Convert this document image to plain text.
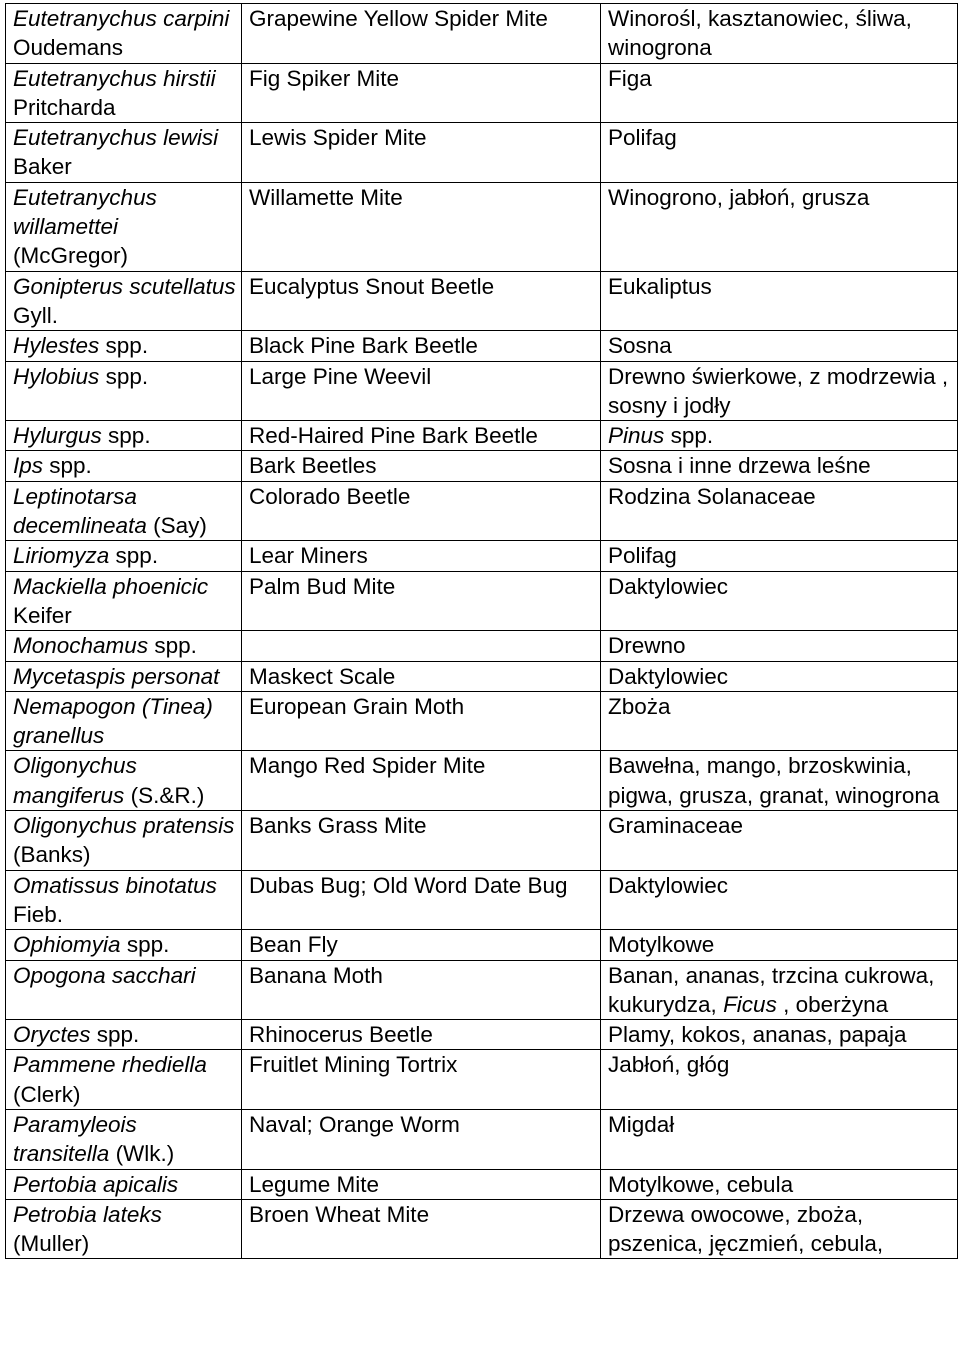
Eutetranychus carpini Oudemans	Grapewine Yellow Spider Mite	Winorośl, kasztanowiec, śliwa, winogrona
Eutetranychus hirstii Pritcharda	Fig Spiker Mite	Figa
Eutetranychus lewisi Baker	Lewis Spider Mite	Polifag
Eutetranychus willamettei (McGregor)	Willamette Mite	Winogrono, jabłoń, grusza
Gonipterus scutellatus Gyll.	Eucalyptus Snout Beetle	Eukaliptus
Hylestes spp.	Black Pine Bark Beetle	Sosna
Hylobius spp.	Large Pine Weevil	Drewno świerkowe, z modrzewia , sosny i jodły
Hylurgus spp.	Red-Haired Pine Bark Beetle	Pinus spp.
Ips spp.	Bark Beetles	Sosna i inne drzewa leśne
Leptinotarsa decemlineata (Say)	Colorado Beetle	Rodzina Solanaceae
Liriomyza spp.	Lear Miners	Polifag
Mackiella phoenicic Keifer	Palm Bud Mite	Daktylowiec
Monochamus spp.		Drewno
Mycetaspis personat	Maskect Scale	Daktylowiec
Nemapogon (Tinea) granellus	European Grain Moth	Zboża
Oligonychus mangiferus (S.&R.)	Mango Red Spider Mite	Bawełna, mango, brzoskwinia, pigwa, grusza, granat, winogrona
Oligonychus pratensis (Banks)	Banks Grass Mite	Graminaceae
Omatissus binotatus Fieb.	Dubas Bug; Old Word Date Bug	Daktylowiec
Ophiomyia spp.	Bean Fly	Motylkowe
Opogona sacchari	Banana Moth	Banan, ananas, trzcina cukrowa, kukurydza, Ficus , oberżyna
Oryctes spp.	Rhinocerus Beetle	Plamy, kokos, ananas, papaja
Pammene rhediella (Clerk)	Fruitlet Mining Tortrix	Jabłoń, głóg
Paramyleois transitella (Wlk.)	Naval; Orange Worm	Migdał
Pertobia apicalis	Legume Mite	Motylkowe, cebula
Petrobia lateks (Muller)	Broen Wheat Mite	Drzewa owocowe, zboża, pszenica, jęczmień, cebula,
